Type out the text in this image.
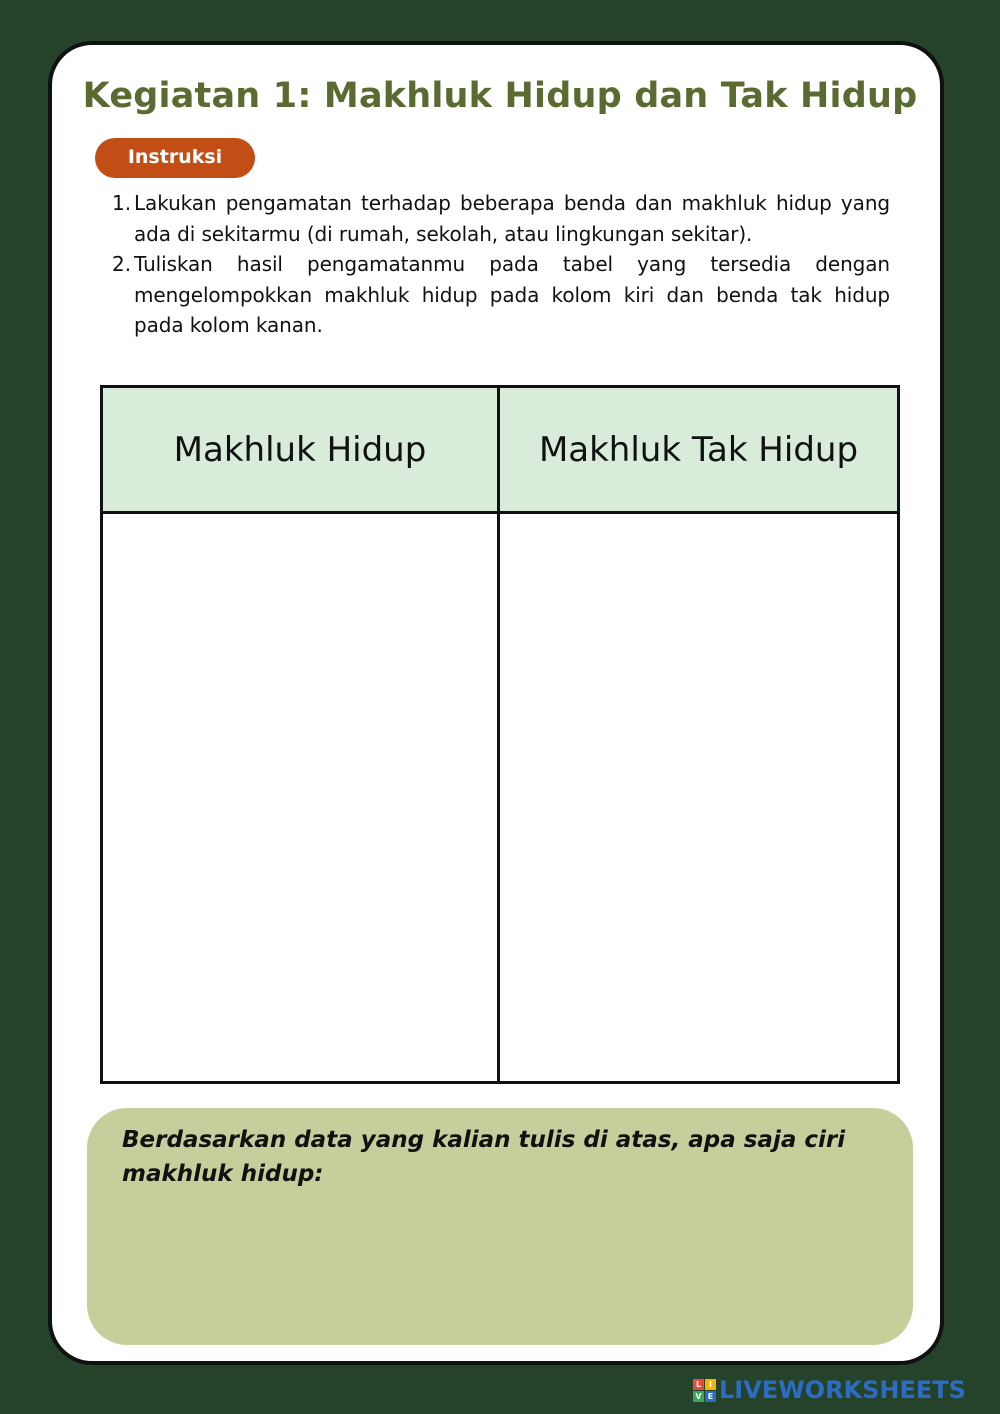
Kegiatan 1: Makhluk Hidup dan Tak Hidup
Instruksi
1. Lakukan pengamatan terhadap beberapa benda dan makhluk hidup yang ada di sekitarmu (di rumah, sekolah, atau lingkungan sekitar).
2. Tuliskan hasil pengamatanmu pada tabel yang tersedia dengan mengelompokkan makhluk hidup pada kolom kiri dan benda tak hidup pada kolom kanan.
Makhluk Hidup	Makhluk Tak Hidup

Berdasarkan data yang kalian tulis di atas, apa saja ciri makhluk hidup:

L I
V E LIVEWORKSHEETS
